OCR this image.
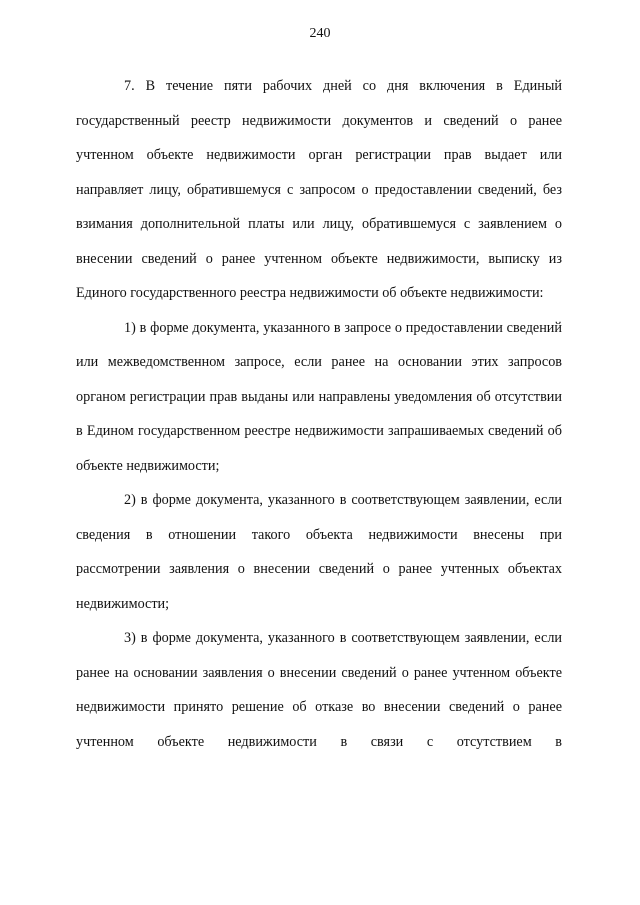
240

7. В течение пяти рабочих дней со дня включения в Единый государственный реестр недвижимости документов и сведений о ранее учтенном объекте недвижимости орган регистрации прав выдает или направляет лицу, обратившемуся с запросом о предоставлении сведений, без взимания дополнительной платы или лицу, обратившемуся с заявлением о внесении сведений о ранее учтенном объекте недвижимости, выписку из Единого государственного реестра недвижимости об объекте недвижимости:

1) в форме документа, указанного в запросе о предоставлении сведений или межведомственном запросе, если ранее на основании этих запросов органом регистрации прав выданы или направлены уведомления об отсутствии в Едином государственном реестре недвижимости запрашиваемых сведений об объекте недвижимости;

2) в форме документа, указанного в соответствующем заявлении, если сведения в отношении такого объекта недвижимости внесены при рассмотрении заявления о внесении сведений о ранее учтенных объектах недвижимости;

3) в форме документа, указанного в соответствующем заявлении, если ранее на основании заявления о внесении сведений о ранее учтенном объекте недвижимости принято решение об отказе во внесении сведений о ранее учтенном объекте недвижимости в связи с отсутствием в
